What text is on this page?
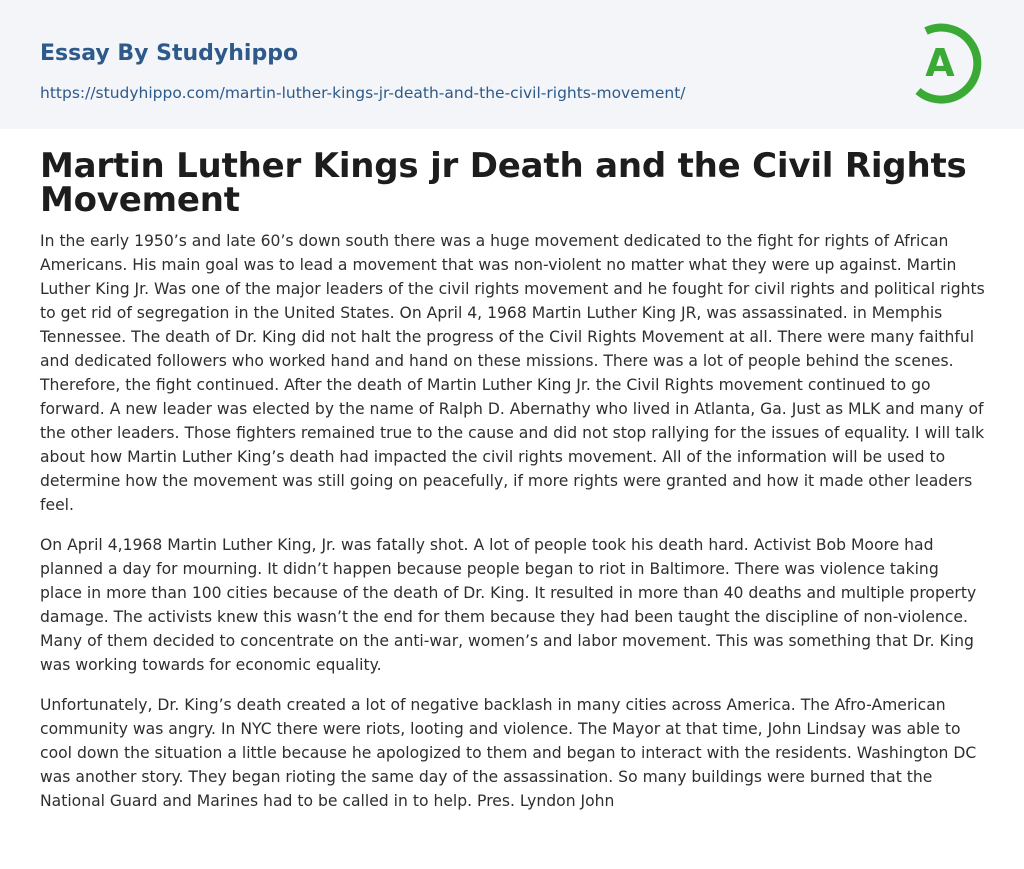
Essay By Studyhippo
https://studyhippo.com/martin-luther-kings-jr-death-and-the-civil-rights-movement/
A
Martin Luther Kings jr Death and the Civil Rights Movement

In the early 1950’s and late 60’s down south there was a huge movement dedicated to the fight for rights of African Americans. His main goal was to lead a movement that was non-violent no matter what they were up against. Martin Luther King Jr. Was one of the major leaders of the civil rights movement and he fought for civil rights and political rights to get rid of segregation in the United States. On April 4, 1968 Martin Luther King JR, was assassinated. in Memphis Tennessee. The death of Dr. King did not halt the progress of the Civil Rights Movement at all. There were many faithful and dedicated followers who worked hand and hand on these missions. There was a lot of people behind the scenes. Therefore, the fight continued. After the death of Martin Luther King Jr. the Civil Rights movement continued to go forward. A new leader was elected by the name of Ralph D. Abernathy who lived in Atlanta, Ga. Just as MLK and many of the other leaders. Those fighters remained true to the cause and did not stop rallying for the issues of equality. I will talk about how Martin Luther King’s death had impacted the civil rights movement. All of the information will be used to determine how the movement was still going on peacefully, if more rights were granted and how it made other leaders feel.

On April 4,1968 Martin Luther King, Jr. was fatally shot. A lot of people took his death hard. Activist Bob Moore had planned a day for mourning. It didn’t happen because people began to riot in Baltimore. There was violence taking place in more than 100 cities because of the death of Dr. King. It resulted in more than 40 deaths and multiple property damage. The activists knew this wasn’t the end for them because they had been taught the discipline of non-violence. Many of them decided to concentrate on the anti-war, women’s and labor movement. This was something that Dr. King was working towards for economic equality.

Unfortunately, Dr. King’s death created a lot of negative backlash in many cities across America. The Afro-American community was angry. In NYC there were riots, looting and violence. The Mayor at that time, John Lindsay was able to cool down the situation a little because he apologized to them and began to interact with the residents. Washington DC was another story. They began rioting the same day of the assassination. So many buildings were burned that the National Guard and Marines had to be called in to help. Pres. Lyndon John
